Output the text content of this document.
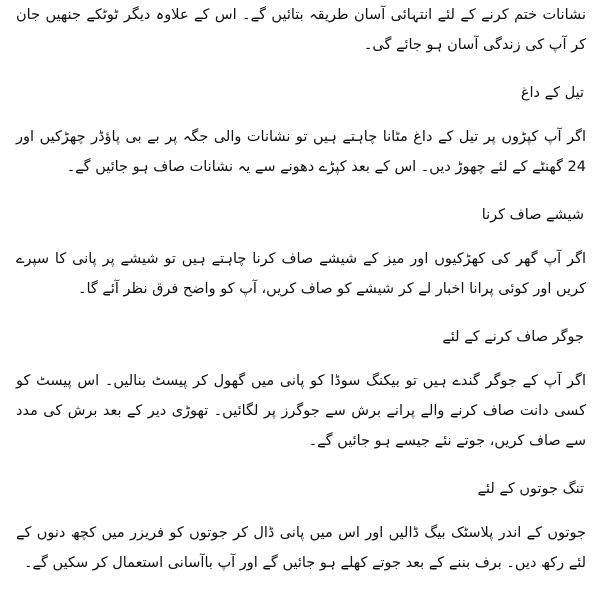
نشانات ختم کرنے کے لئے انتہائی آسان طریقہ بتائیں گے۔ اس کے علاوہ دیگر ٹوٹکے جنھیں جان کر آپ کی زندگی آسان ہو جائے گی۔

تیل کے داغ

اگر آپ کپڑوں پر تیل کے داغ مٹانا چاہتے ہیں تو نشانات والی جگہ پر بے بی پاؤڈر چھڑکیں اور 24 گھنٹے کے لئے چھوڑ دیں۔ اس کے بعد کپڑے دھونے سے یہ نشانات صاف ہو جائیں گے۔

شیشے صاف کرنا

اگر آپ گھر کی کھڑکیوں اور میز کے شیشے صاف کرنا چاہتے ہیں تو شیشے پر پانی کا سپرے کریں اور کوئی پرانا اخبار لے کر شیشے کو صاف کریں، آپ کو واضح فرق نظر آئے گا۔

جوگر صاف کرنے کے لئے

اگر آپ کے جوگر گندے ہیں تو بیکنگ سوڈا کو پانی میں گھول کر پیسٹ بنالیں۔ اس پیسٹ کو کسی دانت صاف کرنے والے پرانے برش سے جوگرز پر لگائیں۔ تھوڑی دیر کے بعد برش کی مدد سے صاف کریں، جوتے نئے جیسے ہو جائیں گے۔

تنگ جوتوں کے لئے

جوتوں کے اندر پلاسٹک بیگ ڈالیں اور اس میں پانی ڈال کر جوتوں کو فریزر میں کچھ دنوں کے لئے رکھ دیں۔ برف بننے کے بعد جوتے کھلے ہو جائیں گے اور آپ باآسانی استعمال کر سکیں گے۔
